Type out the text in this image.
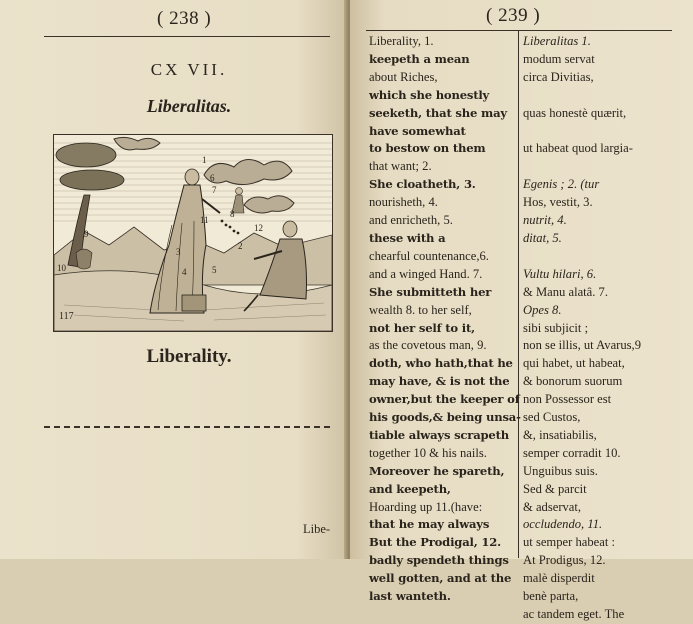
( 238 )
CX VII.
Liberalitas.
117
1
2
3
4	5
6
7
8
9
10
11
12
Liberality.
Libe-
( 239 )
Liberality, 1.
keepeth a mean
about Riches,
which she honestly
seeketh, that she may
have somewhat
to bestow on them
that want; 2.
She cloatheth, 3.
nourisheth, 4.
and enricheth, 5.
these with a
chearful countenance,6.
and a winged Hand. 7.
She submitteth her
wealth 8. to her self,
not her self to it,
as the covetous man, 9.
doth, who hath,that he
may have, & is not the
owner,but the keeper of
his goods,& being unsa-
tiable always scrapeth
together 10 & his nails.
Moreover he spareth,
and keepeth,
Hoarding up 11.(have:
that he may always
But the Prodigal, 12.
badly spendeth things
well gotten, and at the
last wanteth.
Liberalitas 1.
modum servat
circa Divitias,

quas honestè quærit,

ut habeat quod largia-

Egenis ; 2. (tur
Hos, vestit, 3.
nutrit, 4.
ditat, 5.

Vultu hilari, 6.
& Manu alatâ. 7.
Opes 8.
sibi subjicit ;
non se illis, ut Avarus,9
qui habet, ut habeat,
& bonorum suorum
non Possessor est
sed Custos,
&, insatiabilis,
semper corradit 10.
Unguibus suis.
Sed & parcit
& adservat,
occludendo, 11.
ut semper habeat :
At Prodigus, 12.
malè disperdit
benè parta,
ac tandem eget. The
